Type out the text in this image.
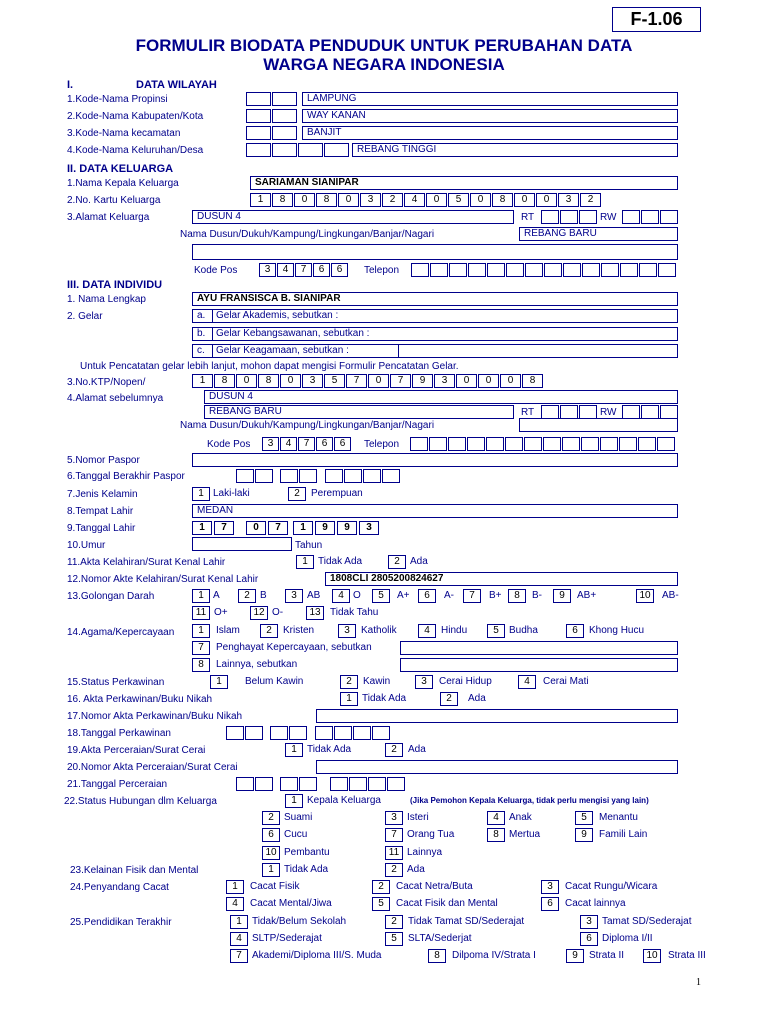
F-1.06
FORMULIR BIODATA PENDUDUK UNTUK PERUBAHAN DATA
WARGA NEGARA INDONESIA
I.	DATA WILAYAH
1.Kode-Nama Propinsi	LAMPUNG
2.Kode-Nama Kabupaten/Kota	WAY KANAN
3.Kode-Nama kecamatan	BANJIT
4.Kode-Nama Keluruhan/Desa	REBANG TINGGI
II. DATA KELUARGA
1.Nama Kepala Keluarga	SARIAMAN SIANIPAR
2.No. Kartu Keluarga	1	8	0	8	0	3	2	4	0	5	0	8	0	0	3	2
3.Alamat Keluarga	DUSUN 4	RT	RW
Nama Dusun/Dukuh/Kampung/Lingkungan/Banjar/Nagari	REBANG BARU
Kode Pos	3	4	7	6	6	Telepon
III. DATA INDIVIDU
1. Nama Lengkap	AYU FRANSISCA B. SIANIPAR
2. Gelar	a. Gelar Akademis, sebutkan :
b. Gelar Kebangsawanan, sebutkan :
c. Gelar Keagamaan, sebutkan :
Untuk Pencatatan gelar lebih lanjut, mohon dapat mengisi Formulir Pencatatan Gelar.
3.No.KTP/Nopen/	1	8	0	8	0	3	5	7	0	7	9	3	0	0	0	8
4.Alamat sebelumnya	DUSUN 4
REBANG BARU	RT	RW
Nama Dusun/Dukuh/Kampung/Lingkungan/Banjar/Nagari
Kode Pos	3	4	7	6	6	Telepon
5.Nomor Paspor
6.Tanggal Berakhir Paspor
7.Jenis Kelamin	1 Laki-laki	2	Perempuan
8.Tempat Lahir	MEDAN
9.Tanggal Lahir	1	7	0	7	1	9	9	3
10.Umur	Tahun
11.Akta Kelahiran/Surat Kenal Lahir	1	Tidak Ada	2	Ada
12.Nomor Akte Kelahiran/Surat Kenal Lahir	1808CLI 2805200824627
13.Golongan Darah	1 A	2	B	3	AB	4 O	5	A+	6	A-	7	B+	8	B-	9	AB+	10	AB-
11 O+	12 O-	13 Tidak Tahu
14.Agama/Kepercayaan	1	Islam	2	Kristen	3	Katholik	4	Hindu	5	Budha	6	Khong Hucu
7	Penghayat Kepercayaan, sebutkan
8	Lainnya, sebutkan
15.Status Perkawinan	1	Belum Kawin	2	Kawin	3	Cerai Hidup	4	Cerai Mati
16. Akta Perkawinan/Buku Nikah	1	Tidak Ada	2	Ada
17.Nomor Akta Perkawinan/Buku Nikah
18.Tanggal Perkawinan
19.Akta Perceraian/Surat Cerai	1	Tidak Ada	2	Ada
20.Nomor Akta Perceraian/Surat Cerai
21.Tanggal Perceraian
22.Status Hubungan dlm Keluarga	1	Kepala Keluarga
2	Suami	3	Isteri	4	Anak	5	Menantu
6	Cucu	7	Orang Tua	8	Mertua	9	Famili Lain
10 Pembantu	11 Lainnya
(Jika Pemohon Kepala Keluarga, tidak perlu mengisi yang lain)
23.Kelainan Fisik dan Mental	1	Tidak Ada	2	Ada
24.Penyandang Cacat	1	Cacat Fisik	2	Cacat Netra/Buta	3	Cacat Rungu/Wicara
4	Cacat Mental/Jiwa	5	Cacat Fisik dan Mental	6	Cacat lainnya
25.Pendidikan Terakhir	1	Tidak/Belum Sekolah	2	Tidak Tamat SD/Sederajat	3	Tamat SD/Sederajat
4	SLTP/Sederajat	5	SLTA/Sederjat	6	Diploma I/II
7	Akademi/Diploma III/S. Muda	8	Dilpoma IV/Strata I	9	Strata II	10	Strata III
1
